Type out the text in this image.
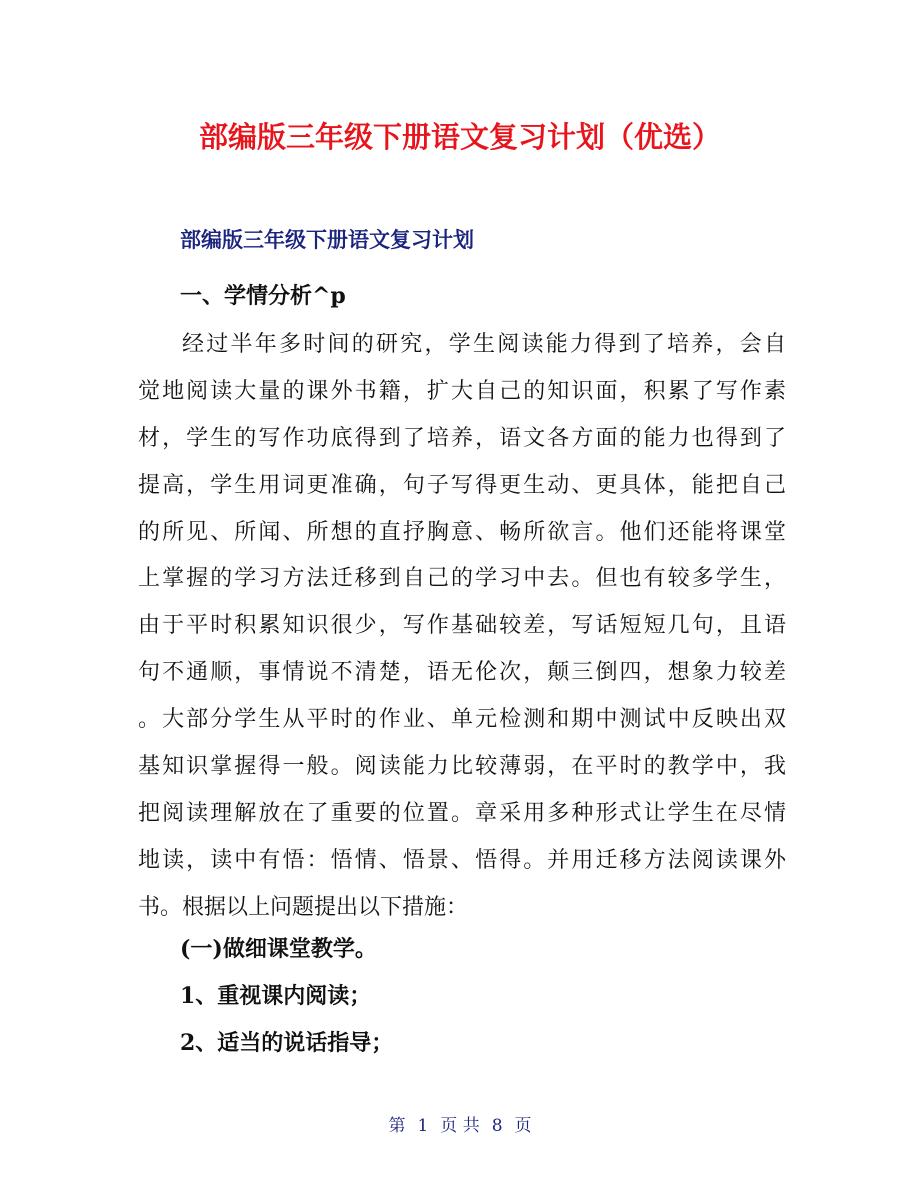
部编版三年级下册语文复习计划（优选）
部编版三年级下册语文复习计划
一、学情分析^p
经过半年多时间的研究，学生阅读能力得到了培养，会自
觉地阅读大量的课外书籍，扩大自己的知识面，积累了写作素
材，学生的写作功底得到了培养，语文各方面的能力也得到了
提高，学生用词更准确，句子写得更生动、更具体，能把自己
的所见、所闻、所想的直抒胸意、畅所欲言。他们还能将课堂
上掌握的学习方法迁移到自己的学习中去。但也有较多学生，
由于平时积累知识很少，写作基础较差，写话短短几句，且语
句不通顺，事情说不清楚，语无伦次，颠三倒四，想象力较差
。大部分学生从平时的作业、单元检测和期中测试中反映出双
基知识掌握得一般。阅读能力比较薄弱，在平时的教学中，我
把阅读理解放在了重要的位置。章采用多种形式让学生在尽情
地读，读中有悟：悟情、悟景、悟得。并用迁移方法阅读课外
书。根据以上问题提出以下措施：
(一)做细课堂教学。
1、重视课内阅读；
2、适当的说话指导；
第 1 页 共 8 页
